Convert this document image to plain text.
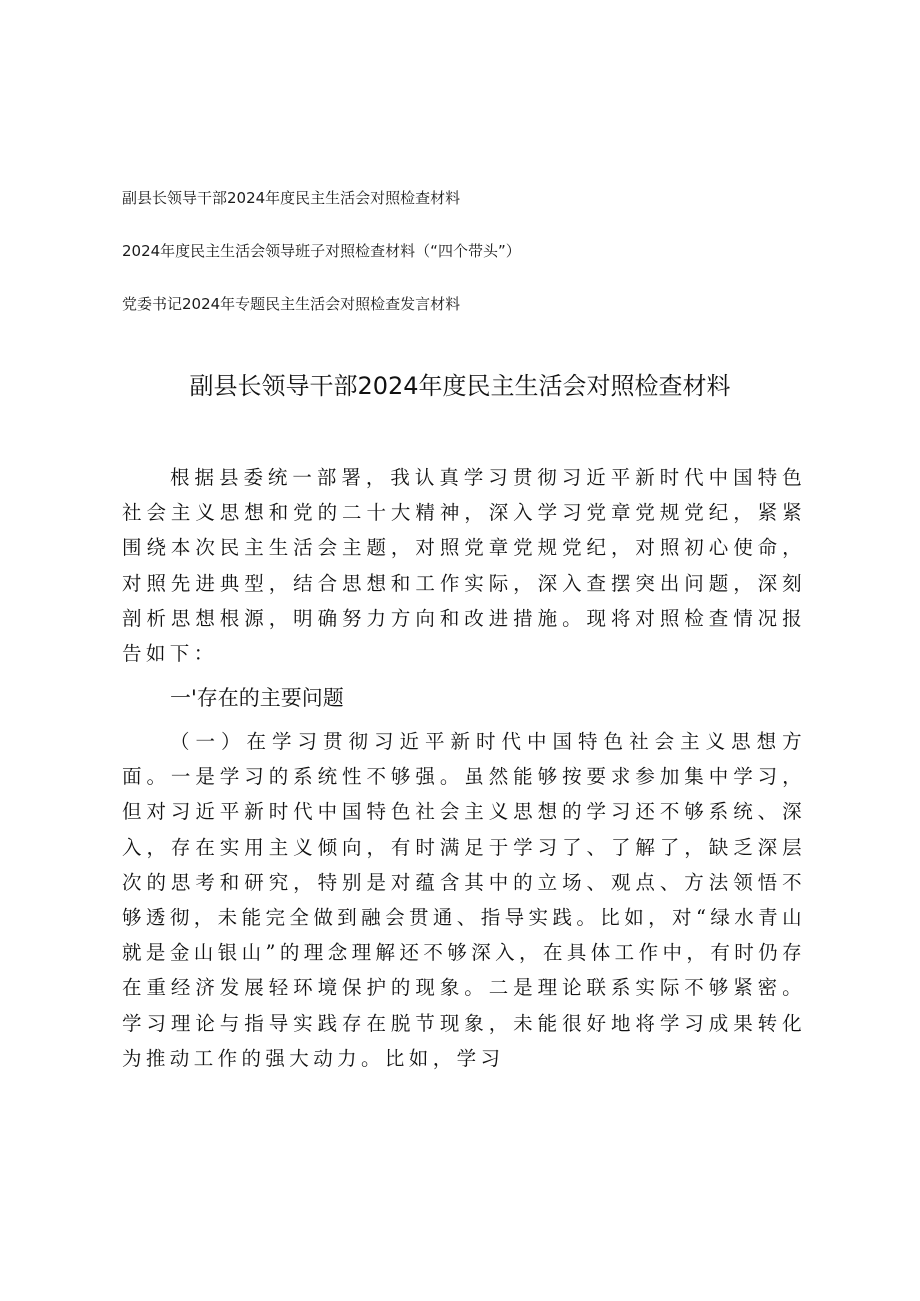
副县长领导干部2024年度民主生活会对照检查材料
2024年度民主生活会领导班子对照检查材料（“四个带头”）
党委书记2024年专题民主生活会对照检查发言材料
副县长领导干部2024年度民主生活会对照检查材料

根据县委统一部署，我认真学习贯彻习近平新时代中国特色社会主义思想和党的二十大精神，深入学习党章党规党纪，紧紧围绕本次民主生活会主题，对照党章党规党纪，对照初心使命，对照先进典型，结合思想和工作实际，深入查摆突出问题，深刻剖析思想根源，明确努力方向和改进措施。现将对照检查情况报告如下：

一'存在的主要问题

（一）在学习贯彻习近平新时代中国特色社会主义思想方面。一是学习的系统性不够强。虽然能够按要求参加集中学习，但对习近平新时代中国特色社会主义思想的学习还不够系统、深入，存在实用主义倾向，有时满足于学习了、了解了，缺乏深层次的思考和研究，特别是对蕴含其中的立场、观点、方法领悟不够透彻，未能完全做到融会贯通、指导实践。比如，对“绿水青山就是金山银山”的理念理解还不够深入，在具体工作中，有时仍存在重经济发展轻环境保护的现象。二是理论联系实际不够紧密。学习理论与指导实践存在脱节现象，未能很好地将学习成果转化为推动工作的强大动力。比如，学习
